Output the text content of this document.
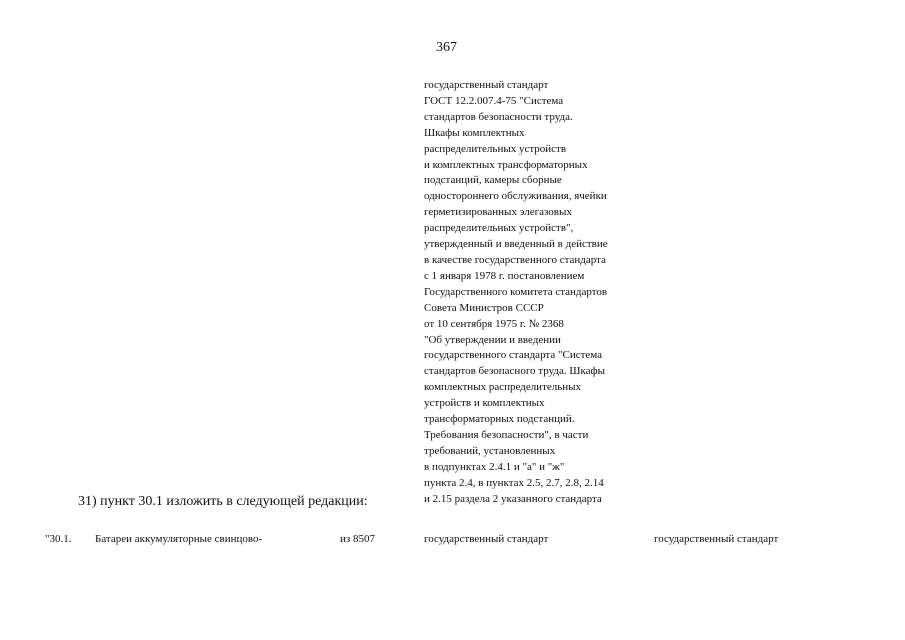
367
государственный стандарт
ГОСТ 12.2.007.4-75 "Система
стандартов безопасности труда.
Шкафы комплектных
распределительных устройств
и комплектных трансформаторных
подстанций, камеры сборные
одностороннего обслуживания, ячейки
герметизированных элегазовых
распределительных устройств",
утвержденный и введенный в действие
в качестве государственного стандарта
с 1 января 1978 г. постановлением
Государственного комитета стандартов
Совета Министров СССР
от 10 сентября 1975 г. № 2368
"Об утверждении и введении
государственного стандарта "Система
стандартов безопасного труда. Шкафы
комплектных распределительных
устройств и комплектных
трансформаторных подстанций.
Требования безопасности", в части
требований, установленных
в подпунктах 2.4.1 и "а" и "ж"
пункта 2.4, в пунктах 2.5, 2.7, 2.8, 2.14
и 2.15 раздела 2 указанного стандарта
31) пункт 30.1 изложить в следующей редакции:
"30.1. Батареи аккумуляторные свинцово-	из 8507	государственный стандарт	государственный стандарт
